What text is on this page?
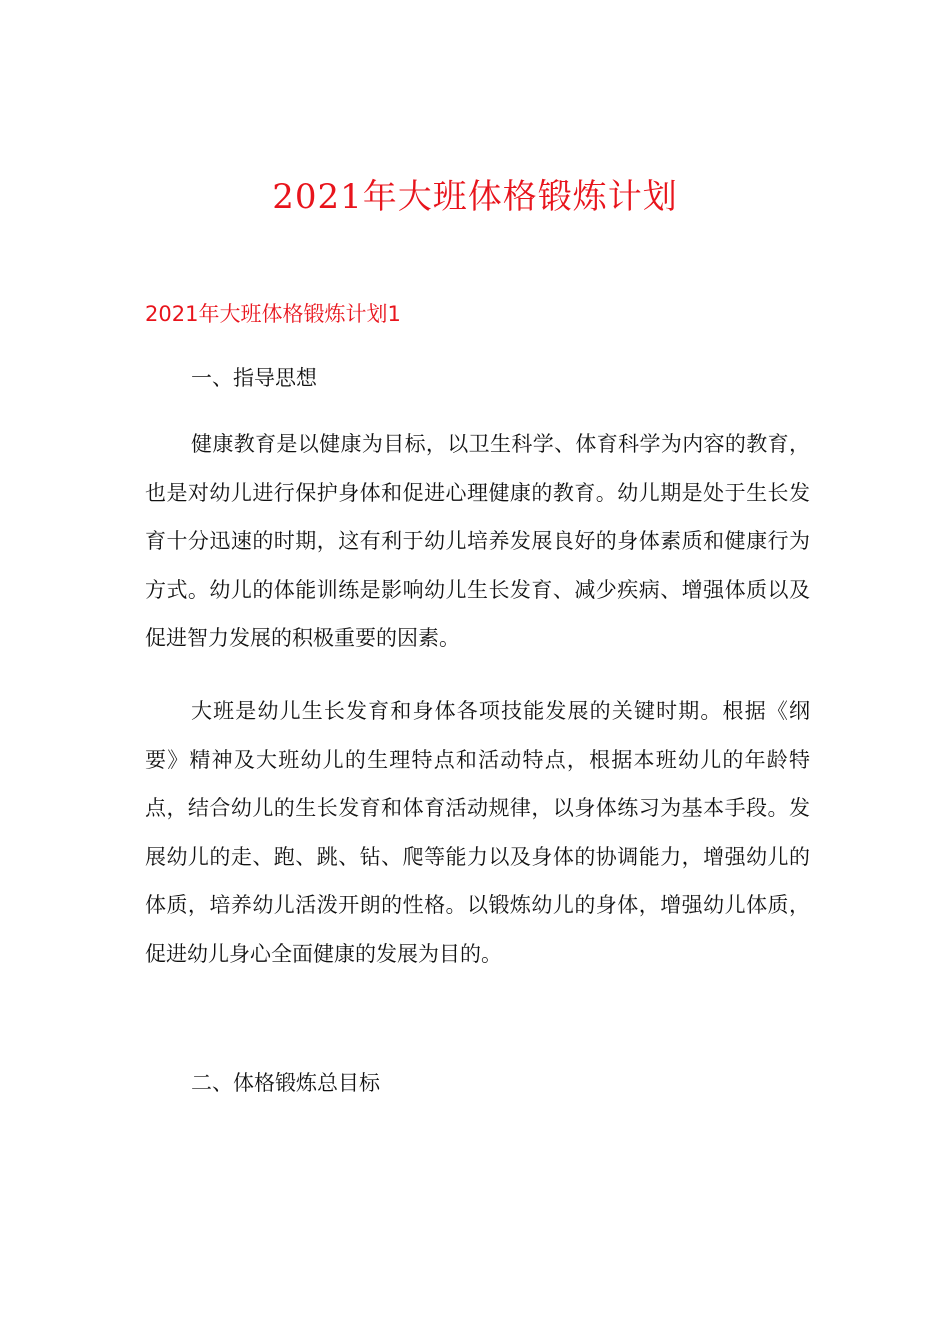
2021年大班体格锻炼计划
2021年大班体格锻炼计划1
一、指导思想

健康教育是以健康为目标，以卫生科学、体育科学为内容的教育，也是对幼儿进行保护身体和促进心理健康的教育。幼儿期是处于生长发育十分迅速的时期，这有利于幼儿培养发展良好的身体素质和健康行为方式。幼儿的体能训练是影响幼儿生长发育、减少疾病、增强体质以及促进智力发展的积极重要的因素。

大班是幼儿生长发育和身体各项技能发展的关键时期。根据《纲要》精神及大班幼儿的生理特点和活动特点，根据本班幼儿的年龄特点，结合幼儿的生长发育和体育活动规律，以身体练习为基本手段。发展幼儿的走、跑、跳、钻、爬等能力以及身体的协调能力，增强幼儿的体质，培养幼儿活泼开朗的性格。以锻炼幼儿的身体，增强幼儿体质，促进幼儿身心全面健康的发展为目的。

二、体格锻炼总目标
